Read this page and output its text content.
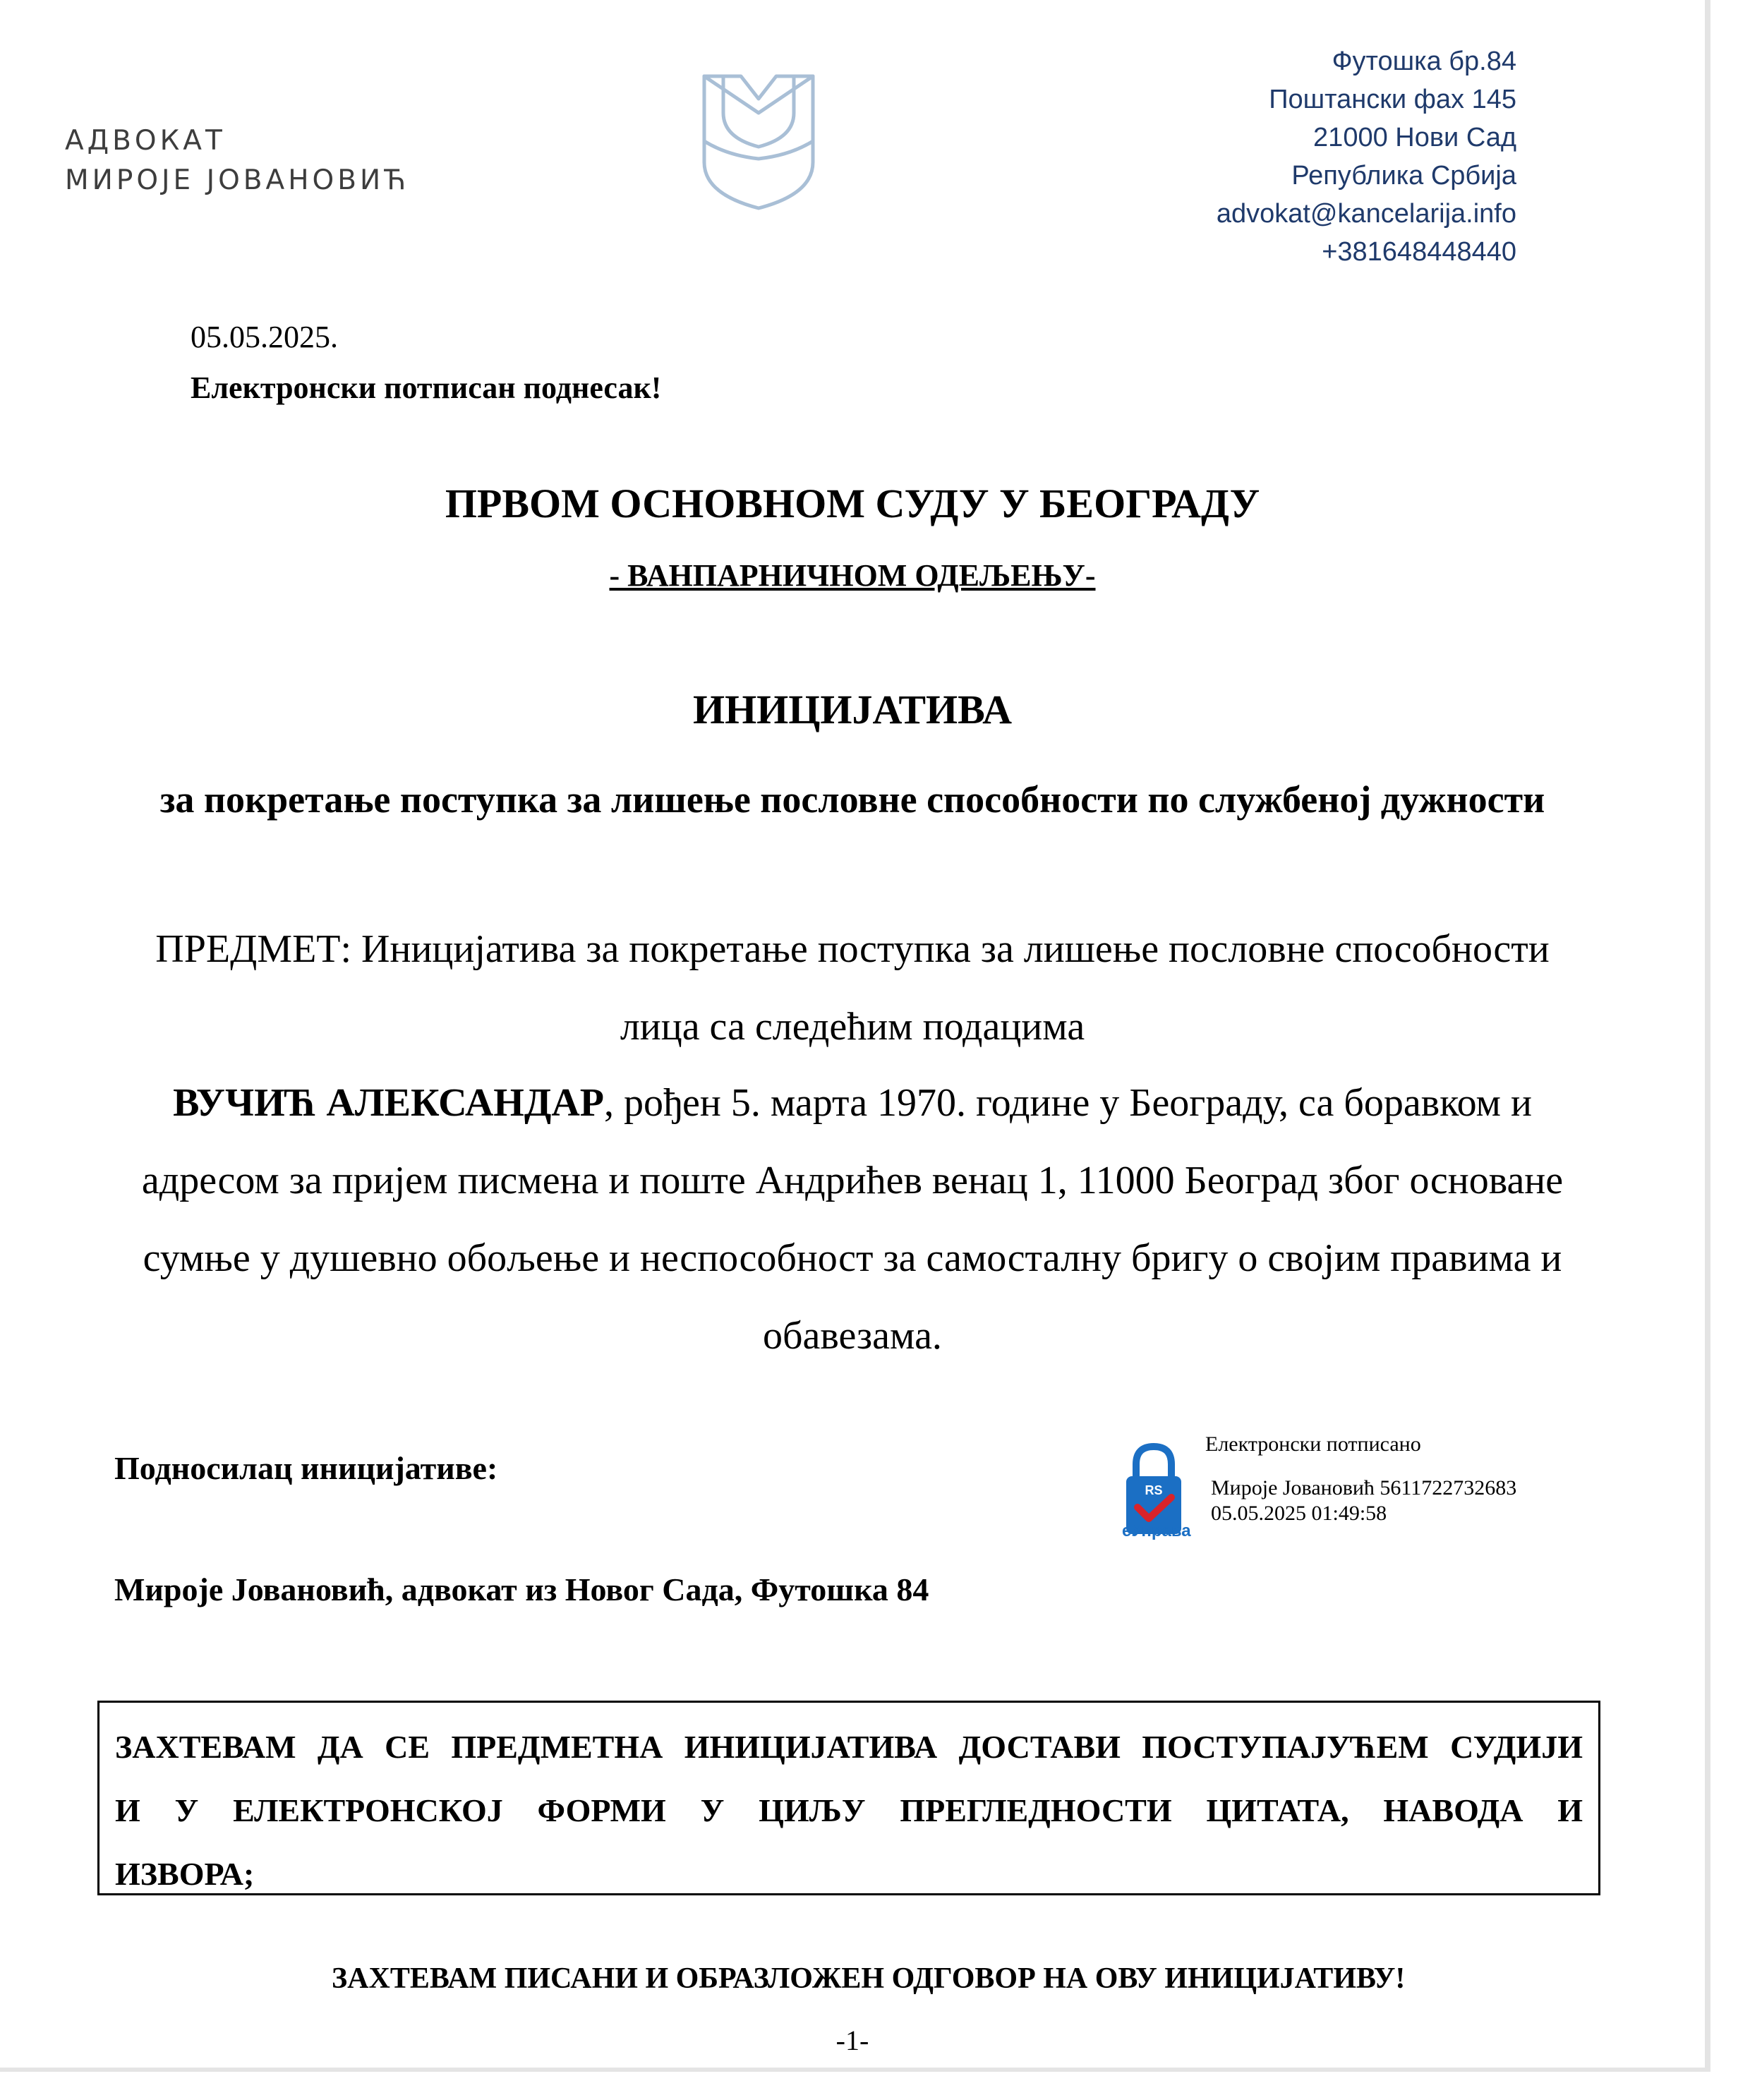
АДВОКАТ
МИРОЈЕ ЈОВАНОВИЋ
Футошка бр.84
Поштански фах 145
21000 Нови Сад
Република Србија
advokat@kancelarija.info
+381648448440
05.05.2025.
Електронски потписан поднесак!
ПРВОМ ОСНОВНОМ СУДУ У БЕОГРАДУ
- ВАНПАРНИЧНОМ ОДЕЉЕЊУ-
ИНИЦИЈАТИВА
за покретање поступка за лишење пословне способности по службеној дужности
ПРЕДМЕТ: Иницијатива за покретање поступка за лишење пословне способности лица са следећим подацима
ВУЧИЋ АЛЕКСАНДАР, рођен 5. марта 1970. године у Београду, са боравком и адресом за пријем писмена и поште Андрићев венац 1, 11000 Београд због основане сумње у душевно обољење и неспособност за самосталну бригу о својим правима и обавезама.
Подносилац иницијативе:
Мироје Јовановић, адвокат из Новог Сада, Футошка 84
RS
еУправа
Електронски потписано
Мироје Јовановић 5611722732683
05.05.2025 01:49:58
ЗАХТЕВАМ ДА СЕ ПРЕДМЕТНА ИНИЦИЈАТИВА ДОСТАВИ ПОСТУПАЈУЋЕМ СУДИЈИ И У ЕЛЕКТРОНСКОЈ ФОРМИ У ЦИЉУ ПРЕГЛЕДНОСТИ ЦИТАТА, НАВОДА И ИЗВОРА;
ЗАХТЕВАМ ПИСАНИ И ОБРАЗЛОЖЕН ОДГОВОР НА ОВУ ИНИЦИЈАТИВУ!
-1-
